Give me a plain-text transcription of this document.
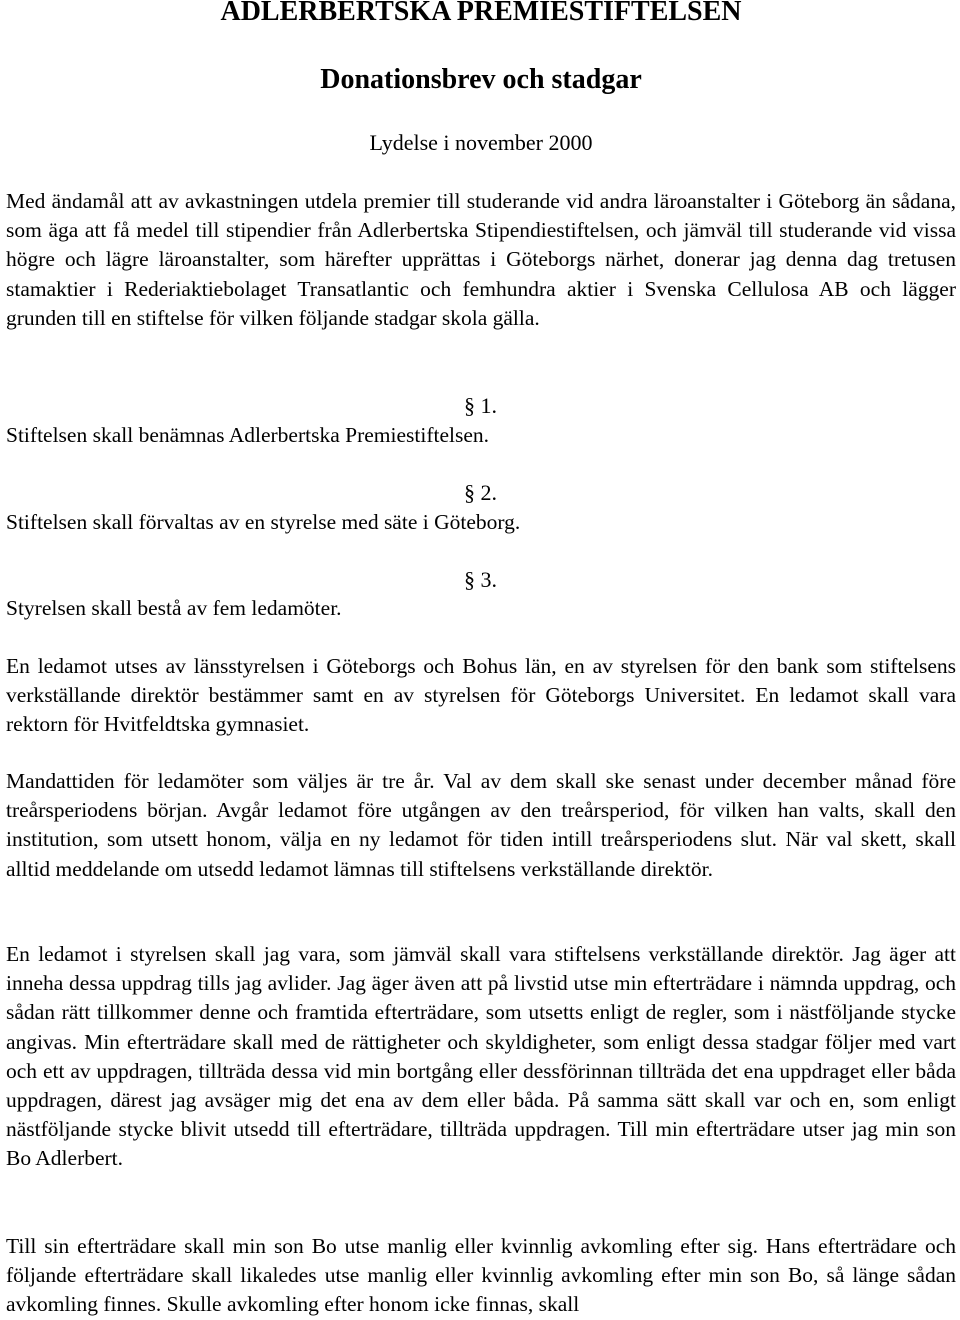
ADLERBERTSKA PREMIESTIFTELSEN
Donationsbrev och stadgar
Lydelse i november 2000

Med ändamål att av avkastningen utdela premier till studerande vid andra läroanstalter i Göteborg än sådana, som äga att få medel till stipendier från Adlerbertska Stipendiestiftelsen, och jämväl till studerande vid vissa högre och lägre läroanstalter, som härefter upprättas i Göteborgs närhet, donerar jag denna dag tretusen stamaktier i Rederiaktiebolaget Transatlantic och femhundra aktier i Svenska Cellulosa AB och lägger grunden till en stiftelse för vilken följande stadgar skola gälla.

§ 1.
Stiftelsen skall benämnas Adlerbertska Premiestiftelsen.
§ 2.
Stiftelsen skall förvaltas av en styrelse med säte i Göteborg.
§ 3.
Styrelsen skall bestå av fem ledamöter.

En ledamot utses av länsstyrelsen i Göteborgs och Bohus län, en av styrelsen för den bank som stiftelsens verkställande direktör bestämmer samt en av styrelsen för Göteborgs Universitet. En ledamot skall vara rektorn för Hvitfeldtska gymnasiet.

Mandattiden för ledamöter som väljes är tre år. Val av dem skall ske senast under december månad före treårsperiodens början. Avgår ledamot före utgången av den treårsperiod, för vilken han valts, skall den institution, som utsett honom, välja en ny ledamot för tiden intill treårsperiodens slut. När val skett, skall alltid meddelande om utsedd ledamot lämnas till stiftelsens verkställande direktör.

En ledamot i styrelsen skall jag vara, som jämväl skall vara stiftelsens verkställande direktör. Jag äger att inneha dessa uppdrag tills jag avlider. Jag äger även att på livstid utse min efterträdare i nämnda uppdrag, och sådan rätt tillkommer denne och framtida efterträdare, som utsetts enligt de regler, som i nästföljande stycke angivas. Min efterträdare skall med de rättigheter och skyldigheter, som enligt dessa stadgar följer med vart och ett av uppdragen, tillträda dessa vid min bortgång eller dessförinnan tillträda det ena uppdraget eller båda uppdragen, därest jag avsäger mig det ena av dem eller båda. På samma sätt skall var och en, som enligt nästföljande stycke blivit utsedd till efterträdare, tillträda uppdragen. Till min efterträdare utser jag min son Bo Adlerbert.

Till sin efterträdare skall min son Bo utse manlig eller kvinnlig avkomling efter sig. Hans efterträdare och följande efterträdare skall likaledes utse manlig eller kvinnlig avkomling efter min son Bo, så länge sådan avkomling finnes. Skulle avkomling efter honom icke finnas, skall
